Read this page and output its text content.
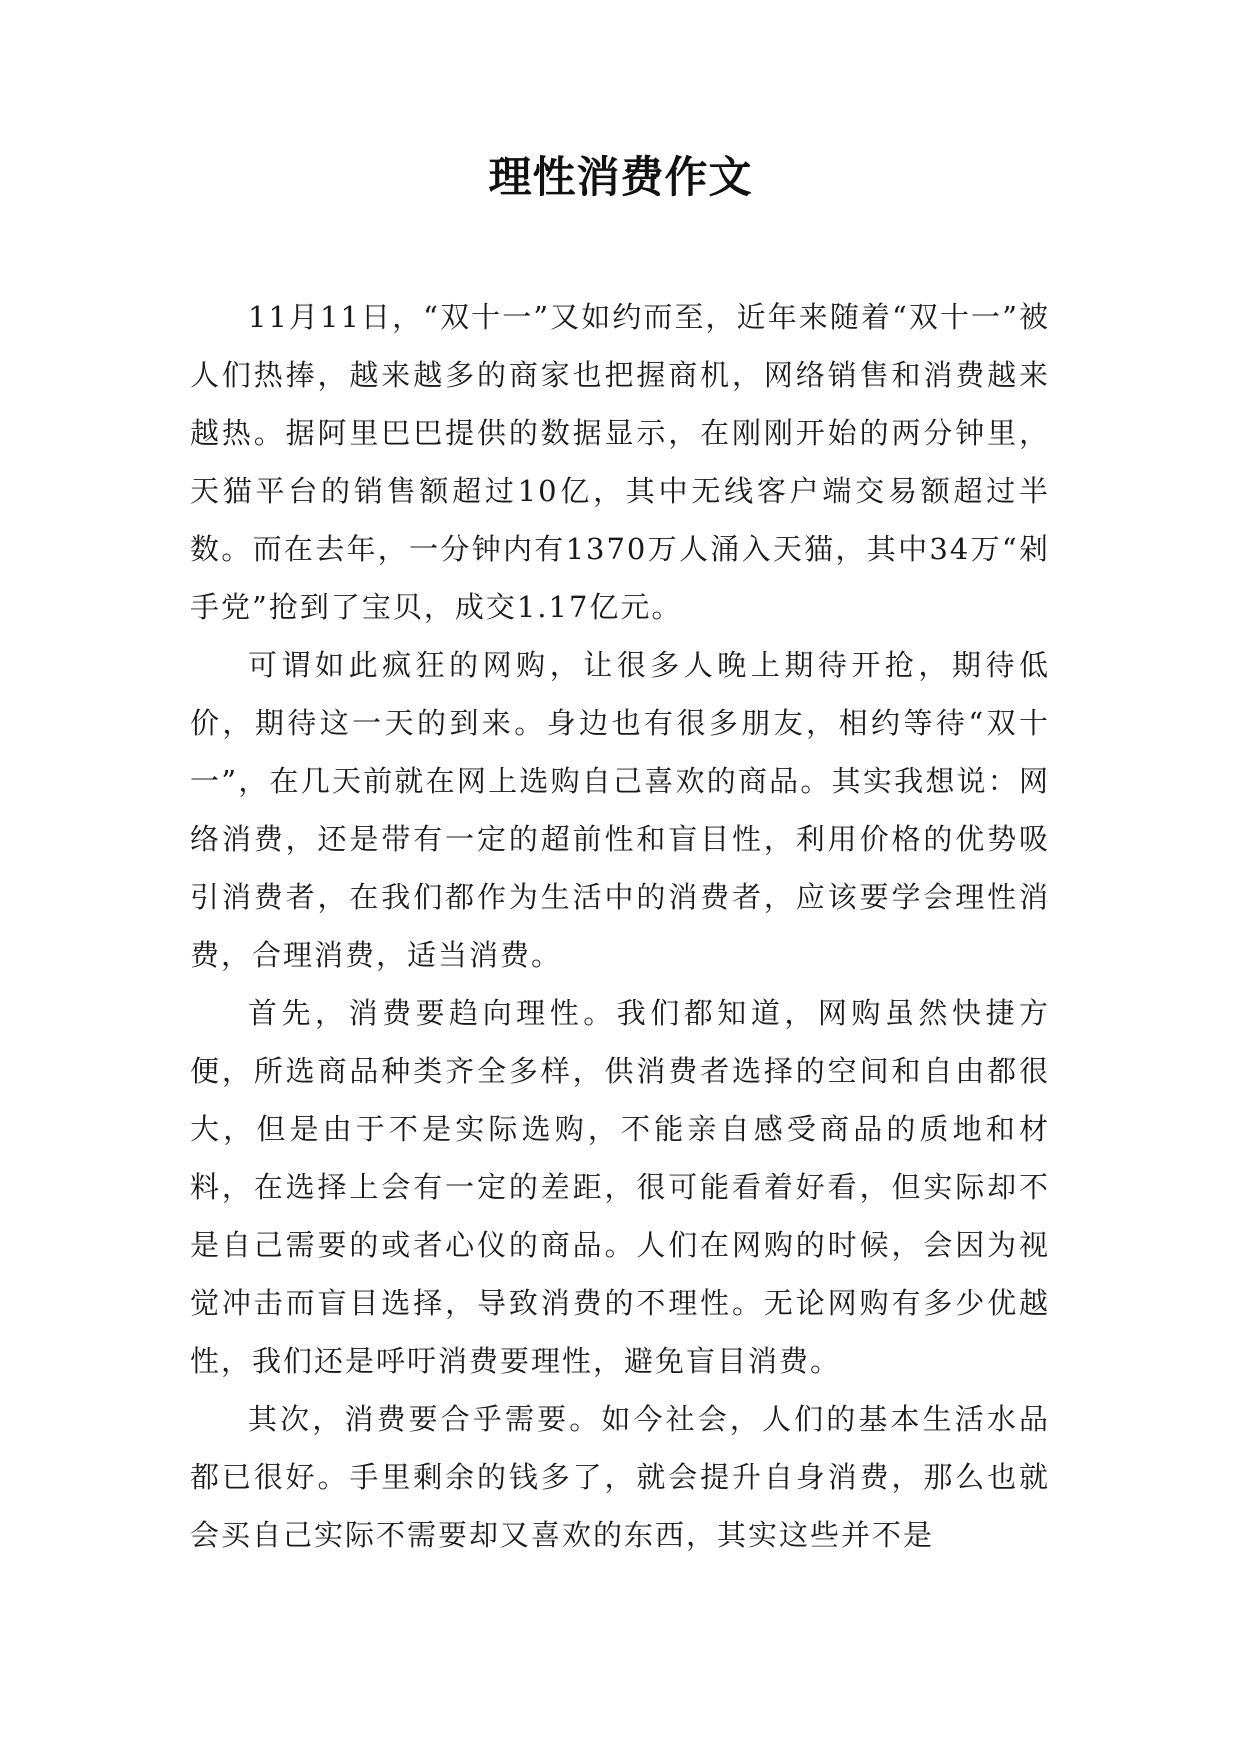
理性消费作文

11月11日，“双十一”又如约而至，近年来随着“双十一”被人们热捧，越来越多的商家也把握商机，网络销售和消费越来越热。据阿里巴巴提供的数据显示，在刚刚开始的两分钟里，天猫平台的销售额超过10亿，其中无线客户端交易额超过半数。而在去年，一分钟内有1370万人涌入天猫，其中34万“剁手党”抢到了宝贝，成交1.17亿元。

可谓如此疯狂的网购，让很多人晚上期待开抢，期待低价，期待这一天的到来。身边也有很多朋友，相约等待“双十一”，在几天前就在网上选购自己喜欢的商品。其实我想说：网络消费，还是带有一定的超前性和盲目性，利用价格的优势吸引消费者，在我们都作为生活中的消费者，应该要学会理性消费，合理消费，适当消费。

首先，消费要趋向理性。我们都知道，网购虽然快捷方便，所选商品种类齐全多样，供消费者选择的空间和自由都很大，但是由于不是实际选购，不能亲自感受商品的质地和材料，在选择上会有一定的差距，很可能看着好看，但实际却不是自己需要的或者心仪的商品。人们在网购的时候，会因为视觉冲击而盲目选择，导致消费的不理性。无论网购有多少优越性，我们还是呼吁消费要理性，避免盲目消费。

其次，消费要合乎需要。如今社会，人们的基本生活水品都已很好。手里剩余的钱多了，就会提升自身消费，那么也就会买自己实际不需要却又喜欢的东西，其实这些并不是
